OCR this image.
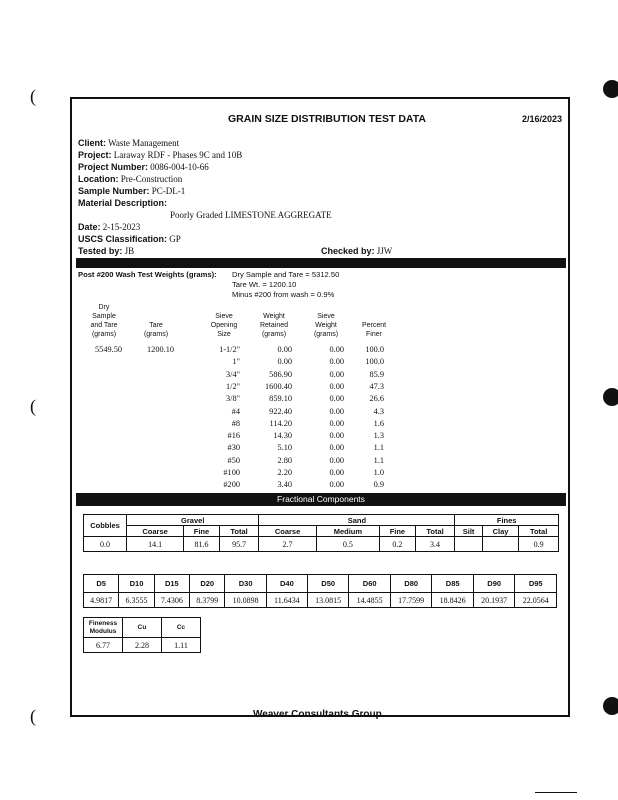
(
(
(
GRAIN SIZE DISTRIBUTION TEST DATA	2/16/2023
Client: Waste Management
Project: Laraway RDF - Phases 9C and 10B
Project Number: 0086-004-10-66
Location: Pre-Construction
Sample Number: PC-DL-1
Material Description:
Poorly Graded LIMESTONE AGGREGATE
Date: 2-15-2023
USCS Classification: GP
Tested by: JB	Checked by: JJW
Post #200 Wash Test Weights (grams): Dry Sample and Tare = 5312.50
Tare Wt. = 1200.10
Minus #200 from wash = 0.9%
Dry
Sample
and Tare
(grams)
Tare
(grams)
Sieve
Opening
Size
Weight
Retained
(grams)
Sieve
Weight
(grams)
Percent
Finer
5549.50	1200.10	1-1/2"	0.00	0.00	100.0
1"	0.00	0.00	100.0
3/4"	586.90	0.00	85.9
1/2"	1600.40	0.00	47.3
3/8"	859.10	0.00	26.6
#4	922.40	0.00	4.3
#8	114.20	0.00	1.6
#16	14.30	0.00	1.3
#30	5.10	0.00	1.1
#50	2.80	0.00	1.1
#100	2.20	0.00	1.0
#200	3.40	0.00	0.9
Fractional Components
Cobbles	Gravel			Sand				Fines		
	Coarse	Fine	Total	Coarse	Medium	Fine	Total	Silt	Clay	Total
0.0	14.1	81.6	95.7	2.7	0.5	0.2	3.4			0.9
D5	D10	D15	D20	D30	D40	D50	D60	D80	D85	D90	D95
4.9817	6.3555	7.4306	8.3799	10.0898	11.6434	13.0815	14.4855	17.7599	18.8426	20.1937	22.0564
Fineness Modulus	Cu	Cc
6.77	2.28	1.11
Weaver Consultants Group
